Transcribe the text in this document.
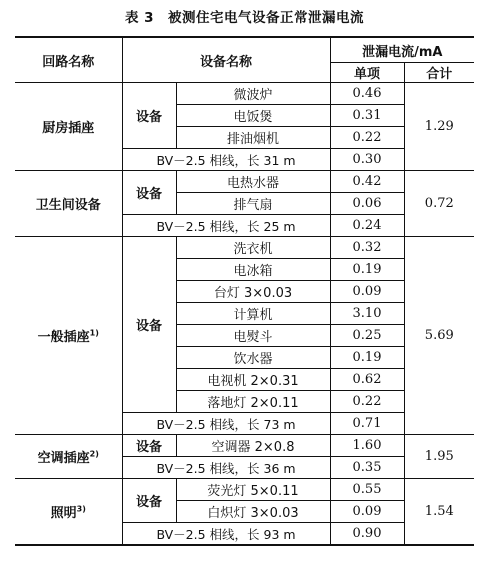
表 3　被测住宅电气设备正常泄漏电流
回路名称	设备名称		泄漏电流/mA	
			单项	合计
厨房插座	设备	微波炉	0.46	1.29
		电饭煲	0.31	
		排油烟机	0.22	
	BV－2.5 相线，长 31 m		0.30	
卫生间设备	设备	电热水器	0.42	0.72
		排气扇	0.06	
	BV－2.5 相线，长 25 m		0.24	
一般插座$^{1)}$	设备	洗衣机	0.32	5.69
		电冰箱	0.19	
		台灯 3×0.03	0.09	
		计算机	3.10	
		电熨斗	0.25	
		饮水器	0.19	
		电视机 2×0.31	0.62	
		落地灯 2×0.11	0.22	
	BV－2.5 相线，长 73 m		0.71	
空调插座$^{2)}$	设备	空调器 2×0.8	1.60	1.95
	BV－2.5 相线，长 36 m		0.35	
照明$^{3)}$	设备	荧光灯 5×0.11	0.55	1.54
		白炽灯 3×0.03	0.09	
	BV－2.5 相线，长 93 m		0.90	
